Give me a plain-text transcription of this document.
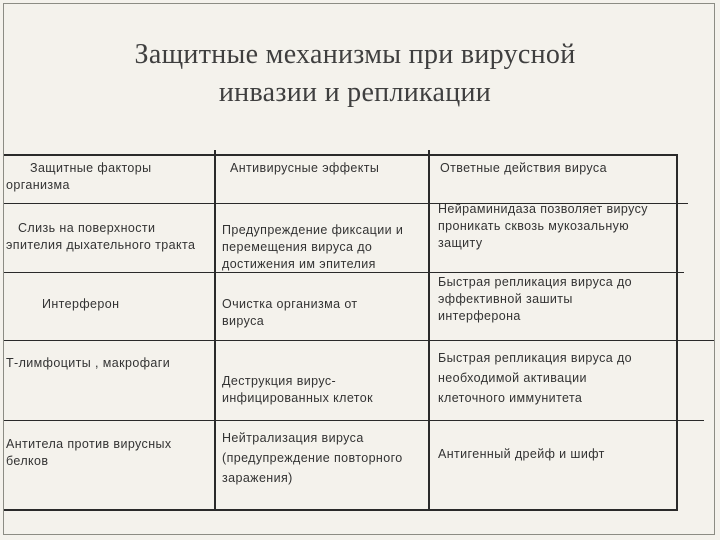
Защитные механизмы при вирусной
инвазии и репликации
Защитные факторы организма
Антивирусные эффекты	Ответные действия вируса
Слизь на поверхности эпителия дыхательного тракта
Предупреждение фиксации и перемещения вируса до достижения им эпителия
Нейраминидаза позволяет вирусу проникать сквозь мукозальную защиту
Интерферон	Очистка организма от вируса
Быстрая репликация вируса до эффективной зашиты интерферона
Т-лимфоциты , макрофаги
Деструкция вирус-инфицированных клеток
Быстрая репликация вируса до необходимой активации клеточного иммунитета
Антитела против вирусных белков
Нейтрализация вируса (предупреждение повторного заражения)
Антигенный дрейф и шифт
